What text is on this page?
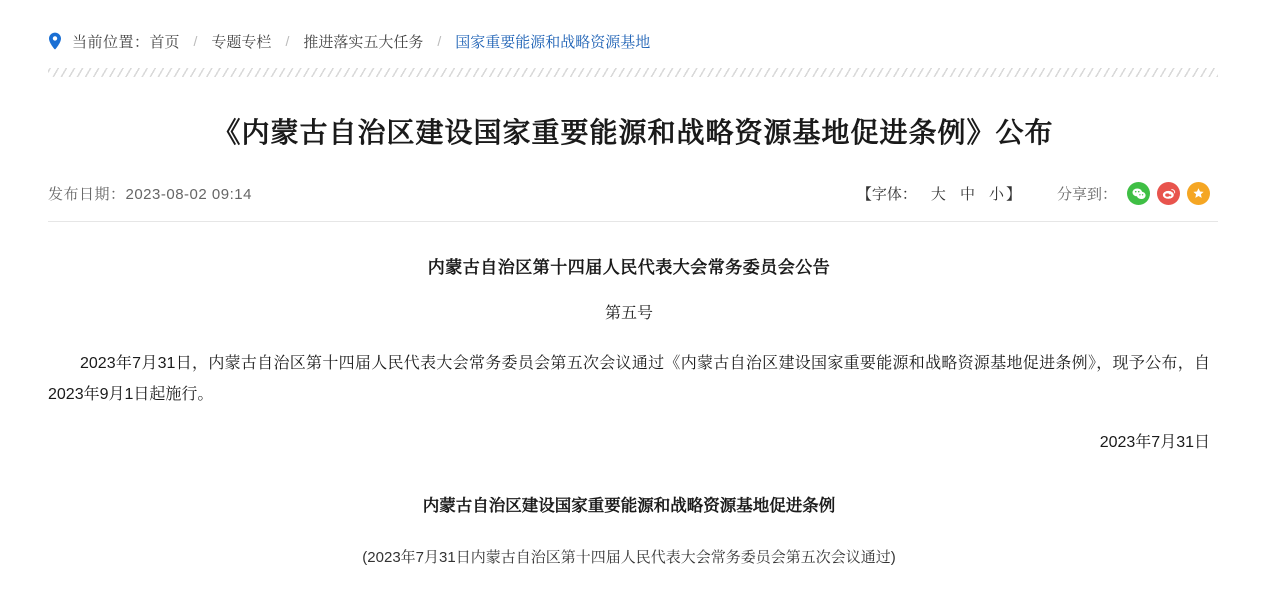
当前位置： 首页 / 专题专栏 / 推进落实五大任务 / 国家重要能源和战略资源基地
《内蒙古自治区建设国家重要能源和战略资源基地促进条例》公布
发布日期：2023-08-02 09:14	【字体： 大 中 小 】 分享到：
内蒙古自治区第十四届人民代表大会常务委员会公告
第五号

2023年7月31日，内蒙古自治区第十四届人民代表大会常务委员会第五次会议通过《内蒙古自治区建设国家重要能源和战略资源基地促进条例》，现予公布，自2023年9月1日起施行。

2023年7月31日
内蒙古自治区建设国家重要能源和战略资源基地促进条例
(2023年7月31日内蒙古自治区第十四届人民代表大会常务委员会第五次会议通过)
